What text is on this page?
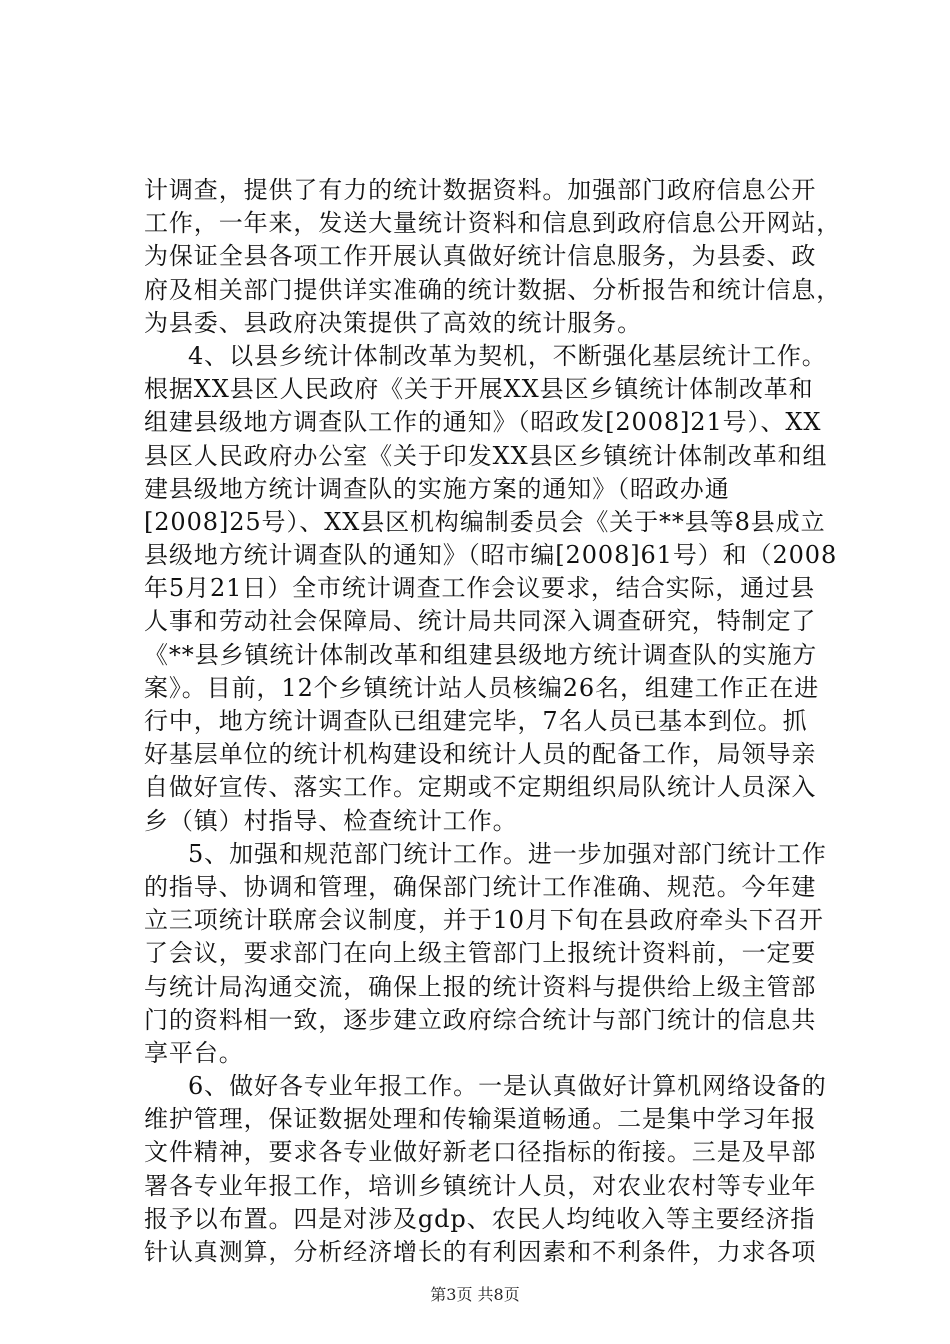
计调查，提供了有力的统计数据资料。加强部门政府信息公开
工作，一年来，发送大量统计资料和信息到政府信息公开网站，
为保证全县各项工作开展认真做好统计信息服务，为县委、政
府及相关部门提供详实准确的统计数据、分析报告和统计信息，
为县委、县政府决策提供了高效的统计服务。
4、以县乡统计体制改革为契机，不断强化基层统计工作。
根据XX县区人民政府《关于开展XX县区乡镇统计体制改革和
组建县级地方调查队工作的通知》（昭政发[2008]21号）、XX
县区人民政府办公室《关于印发XX县区乡镇统计体制改革和组
建县级地方统计调查队的实施方案的通知》（昭政办通
[2008]25号）、XX县区机构编制委员会《关于**县等8县成立
县级地方统计调查队的通知》（昭市编[2008]61号）和（2008
年5月21日）全市统计调查工作会议要求，结合实际，通过县
人事和劳动社会保障局、统计局共同深入调查研究，特制定了
《**县乡镇统计体制改革和组建县级地方统计调查队的实施方
案》。目前，12个乡镇统计站人员核编26名，组建工作正在进
行中，地方统计调查队已组建完毕，7名人员已基本到位。抓
好基层单位的统计机构建设和统计人员的配备工作，局领导亲
自做好宣传、落实工作。定期或不定期组织局队统计人员深入
乡（镇）村指导、检查统计工作。
5、加强和规范部门统计工作。进一步加强对部门统计工作
的指导、协调和管理，确保部门统计工作准确、规范。今年建
立三项统计联席会议制度，并于10月下旬在县政府牵头下召开
了会议，要求部门在向上级主管部门上报统计资料前，一定要
与统计局沟通交流，确保上报的统计资料与提供给上级主管部
门的资料相一致，逐步建立政府综合统计与部门统计的信息共
享平台。
6、做好各专业年报工作。一是认真做好计算机网络设备的
维护管理，保证数据处理和传输渠道畅通。二是集中学习年报
文件精神，要求各专业做好新老口径指标的衔接。三是及早部
署各专业年报工作，培训乡镇统计人员，对农业农村等专业年
报予以布置。四是对涉及gdp、农民人均纯收入等主要经济指
针认真测算，分析经济增长的有利因素和不利条件，力求各项
第3页 共8页
